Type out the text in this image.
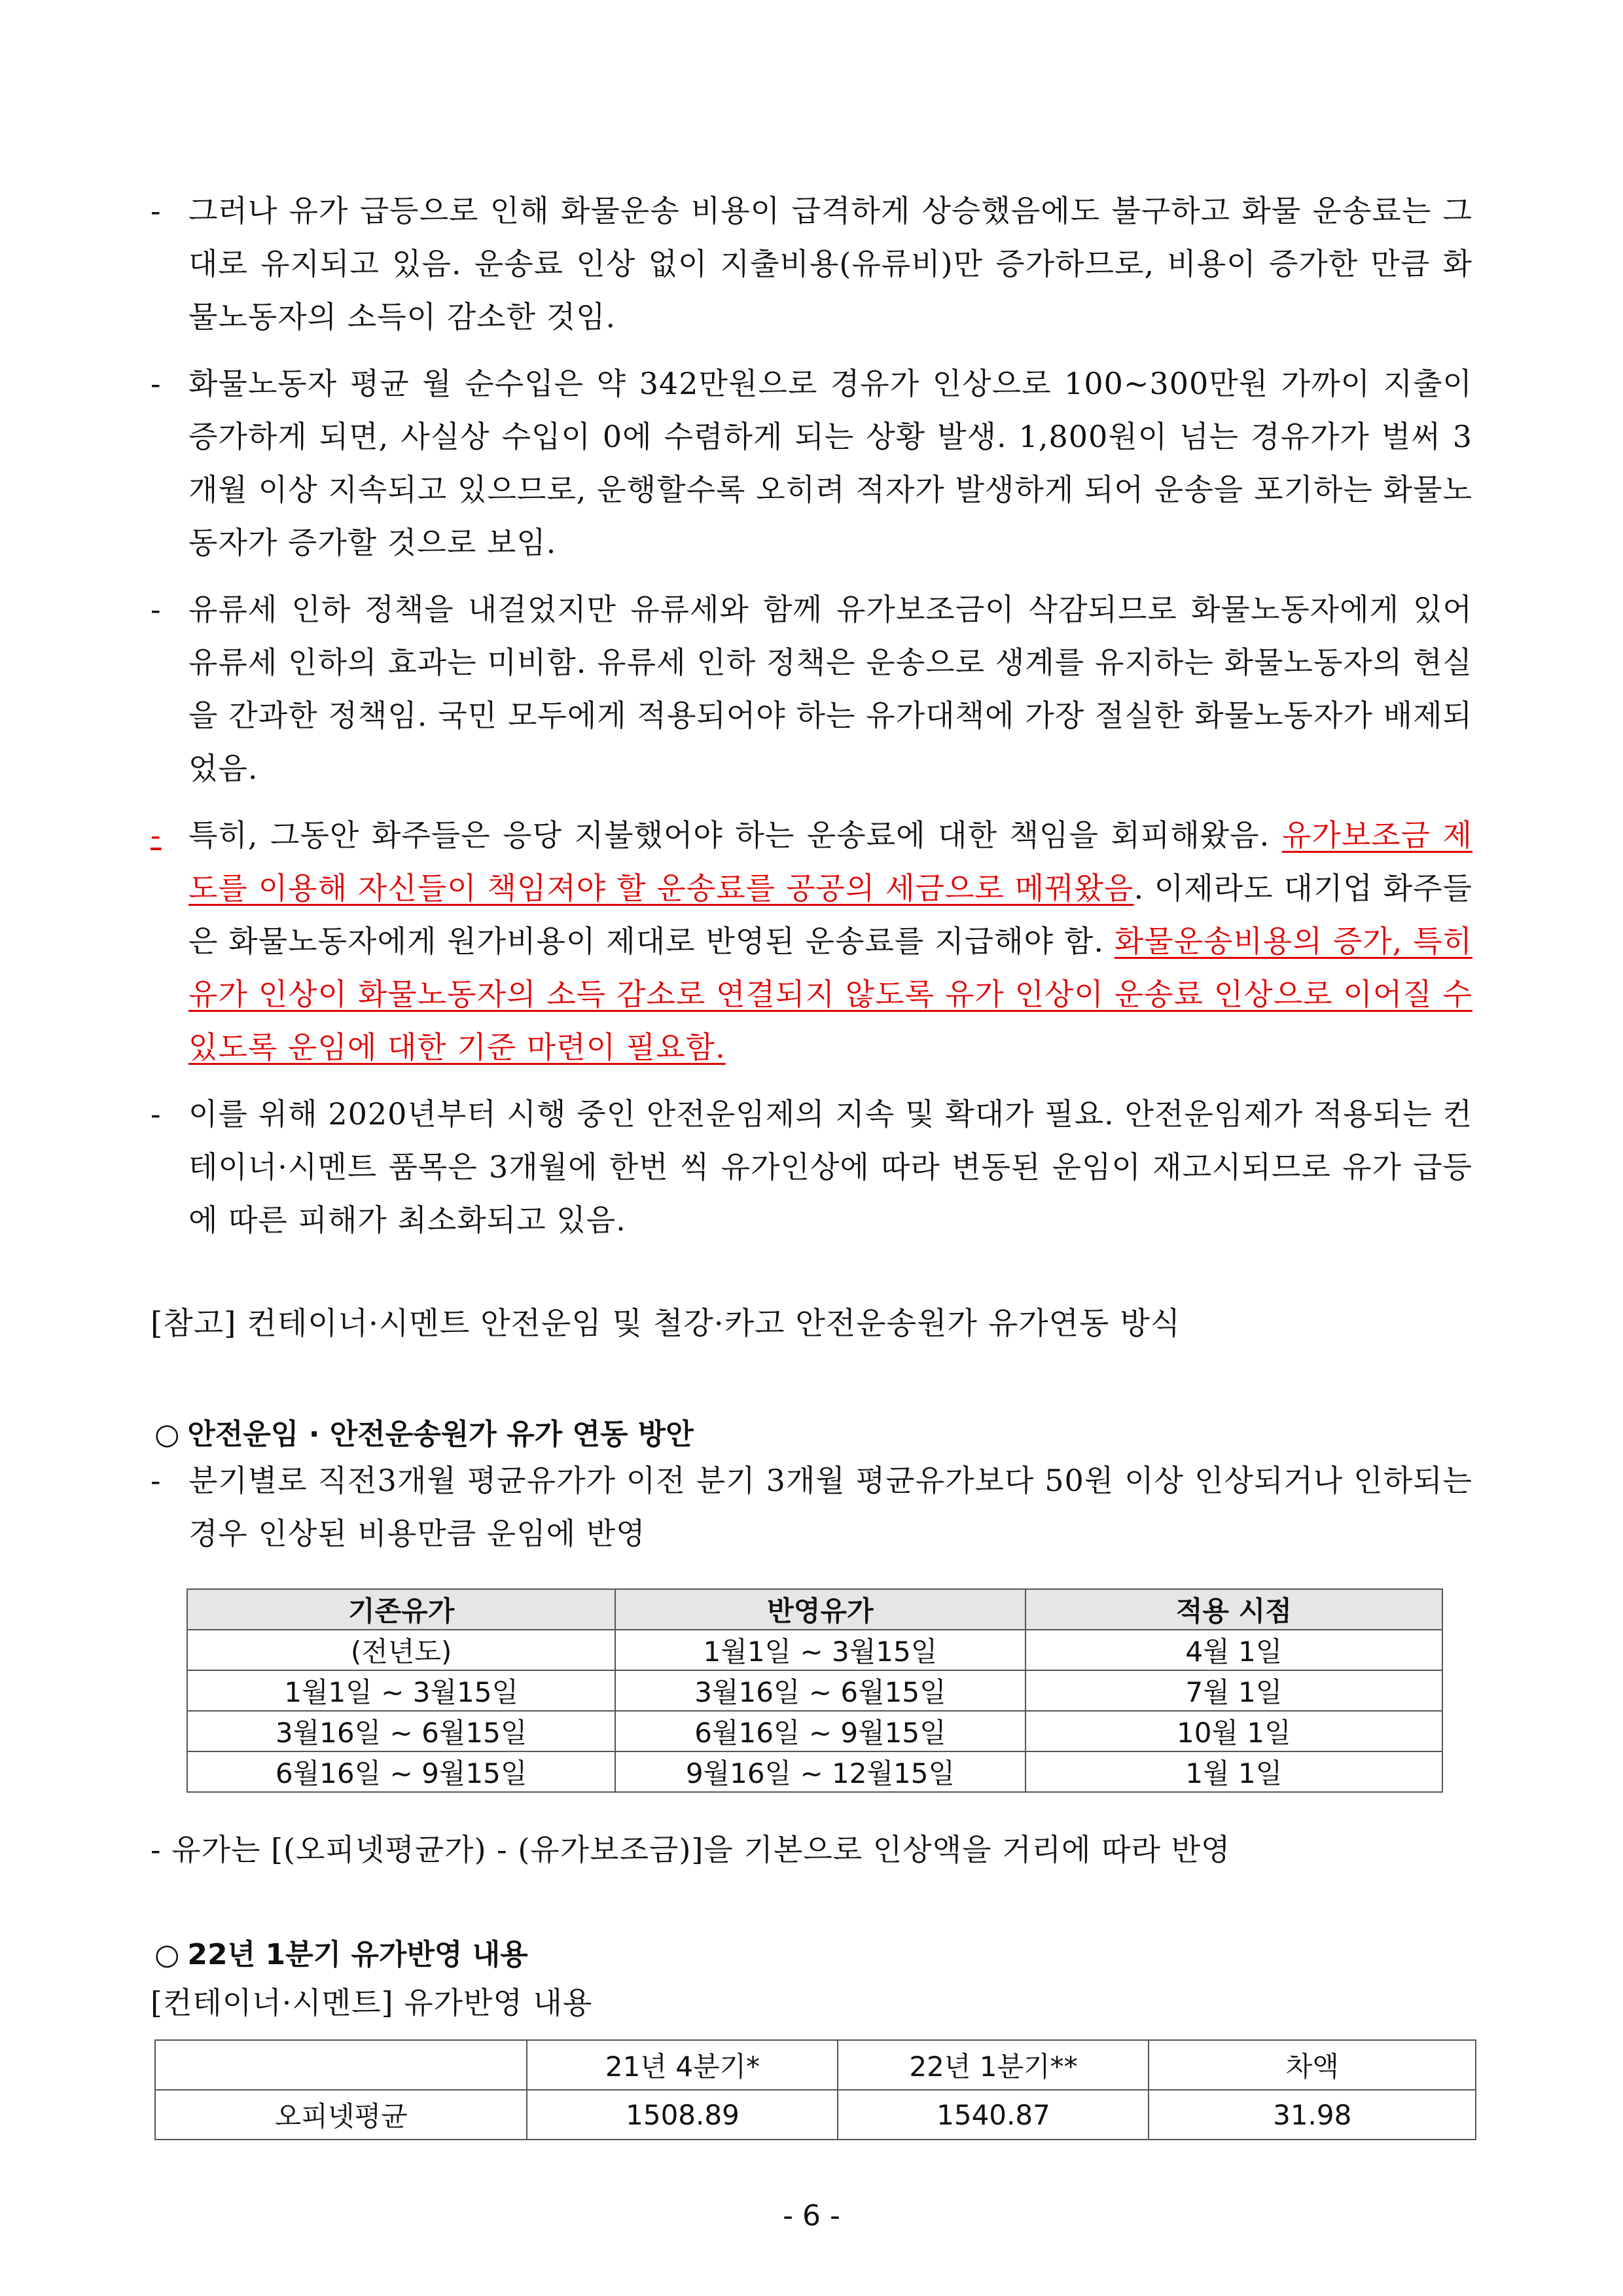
- 그러나 유가 급등으로 인해 화물운송 비용이 급격하게 상승했음에도 불구하고 화물 운송료는 그대로 유지되고 있음. 운송료 인상 없이 지출비용(유류비)만 증가하므로, 비용이 증가한 만큼 화물노동자의 소득이 감소한 것임.

- 화물노동자 평균 월 순수입은 약 342만원으로 경유가 인상으로 100~300만원 가까이 지출이 증가하게 되면, 사실상 수입이 0에 수렴하게 되는 상황 발생. 1,800원이 넘는 경유가가 벌써 3개월 이상 지속되고 있으므로, 운행할수록 오히려 적자가 발생하게 되어 운송을 포기하는 화물노동자가 증가할 것으로 보임.

- 유류세 인하 정책을 내걸었지만 유류세와 함께 유가보조금이 삭감되므로 화물노동자에게 있어 유류세 인하의 효과는 미비함. 유류세 인하 정책은 운송으로 생계를 유지하는 화물노동자의 현실을 간과한 정책임. 국민 모두에게 적용되어야 하는 유가대책에 가장 절실한 화물노동자가 배제되었음.

- 특히, 그동안 화주들은 응당 지불했어야 하는 운송료에 대한 책임을 회피해왔음. 유가보조금 제도를 이용해 자신들이 책임져야 할 운송료를 공공의 세금으로 메꿔왔음. 이제라도 대기업 화주들은 화물노동자에게 원가비용이 제대로 반영된 운송료를 지급해야 함. 화물운송비용의 증가, 특히 유가 인상이 화물노동자의 소득 감소로 연결되지 않도록 유가 인상이 운송료 인상으로 이어질 수 있도록 운임에 대한 기준 마련이 필요함.

- 이를 위해 2020년부터 시행 중인 안전운임제의 지속 및 확대가 필요. 안전운임제가 적용되는 컨테이너·시멘트 품목은 3개월에 한번 씩 유가인상에 따라 변동된 운임이 재고시되므로 유가 급등에 따른 피해가 최소화되고 있음.

[참고] 컨테이너·시멘트 안전운임 및 철강·카고 안전운송원가 유가연동 방식
○ 안전운임 · 안전운송원가 유가 연동 방안

- 분기별로 직전3개월 평균유가가 이전 분기 3개월 평균유가보다 50원 이상 인상되거나 인하되는 경우 인상된 비용만큼 운임에 반영

기존유가	반영유가	적용 시점
(전년도)	1월1일 ~ 3월15일	4월 1일
1월1일 ~ 3월15일	3월16일 ~ 6월15일	7월 1일
3월16일 ~ 6월15일	6월16일 ~ 9월15일	10월 1일
6월16일 ~ 9월15일	9월16일 ~ 12월15일	1월 1일
- 유가는 [(오피넷평균가) - (유가보조금)]을 기본으로 인상액을 거리에 따라 반영
○ 22년 1분기 유가반영 내용
[컨테이너·시멘트] 유가반영 내용
	21년 4분기*	22년 1분기**	차액
오피넷평균	1508.89	1540.87	31.98
- 6 -
